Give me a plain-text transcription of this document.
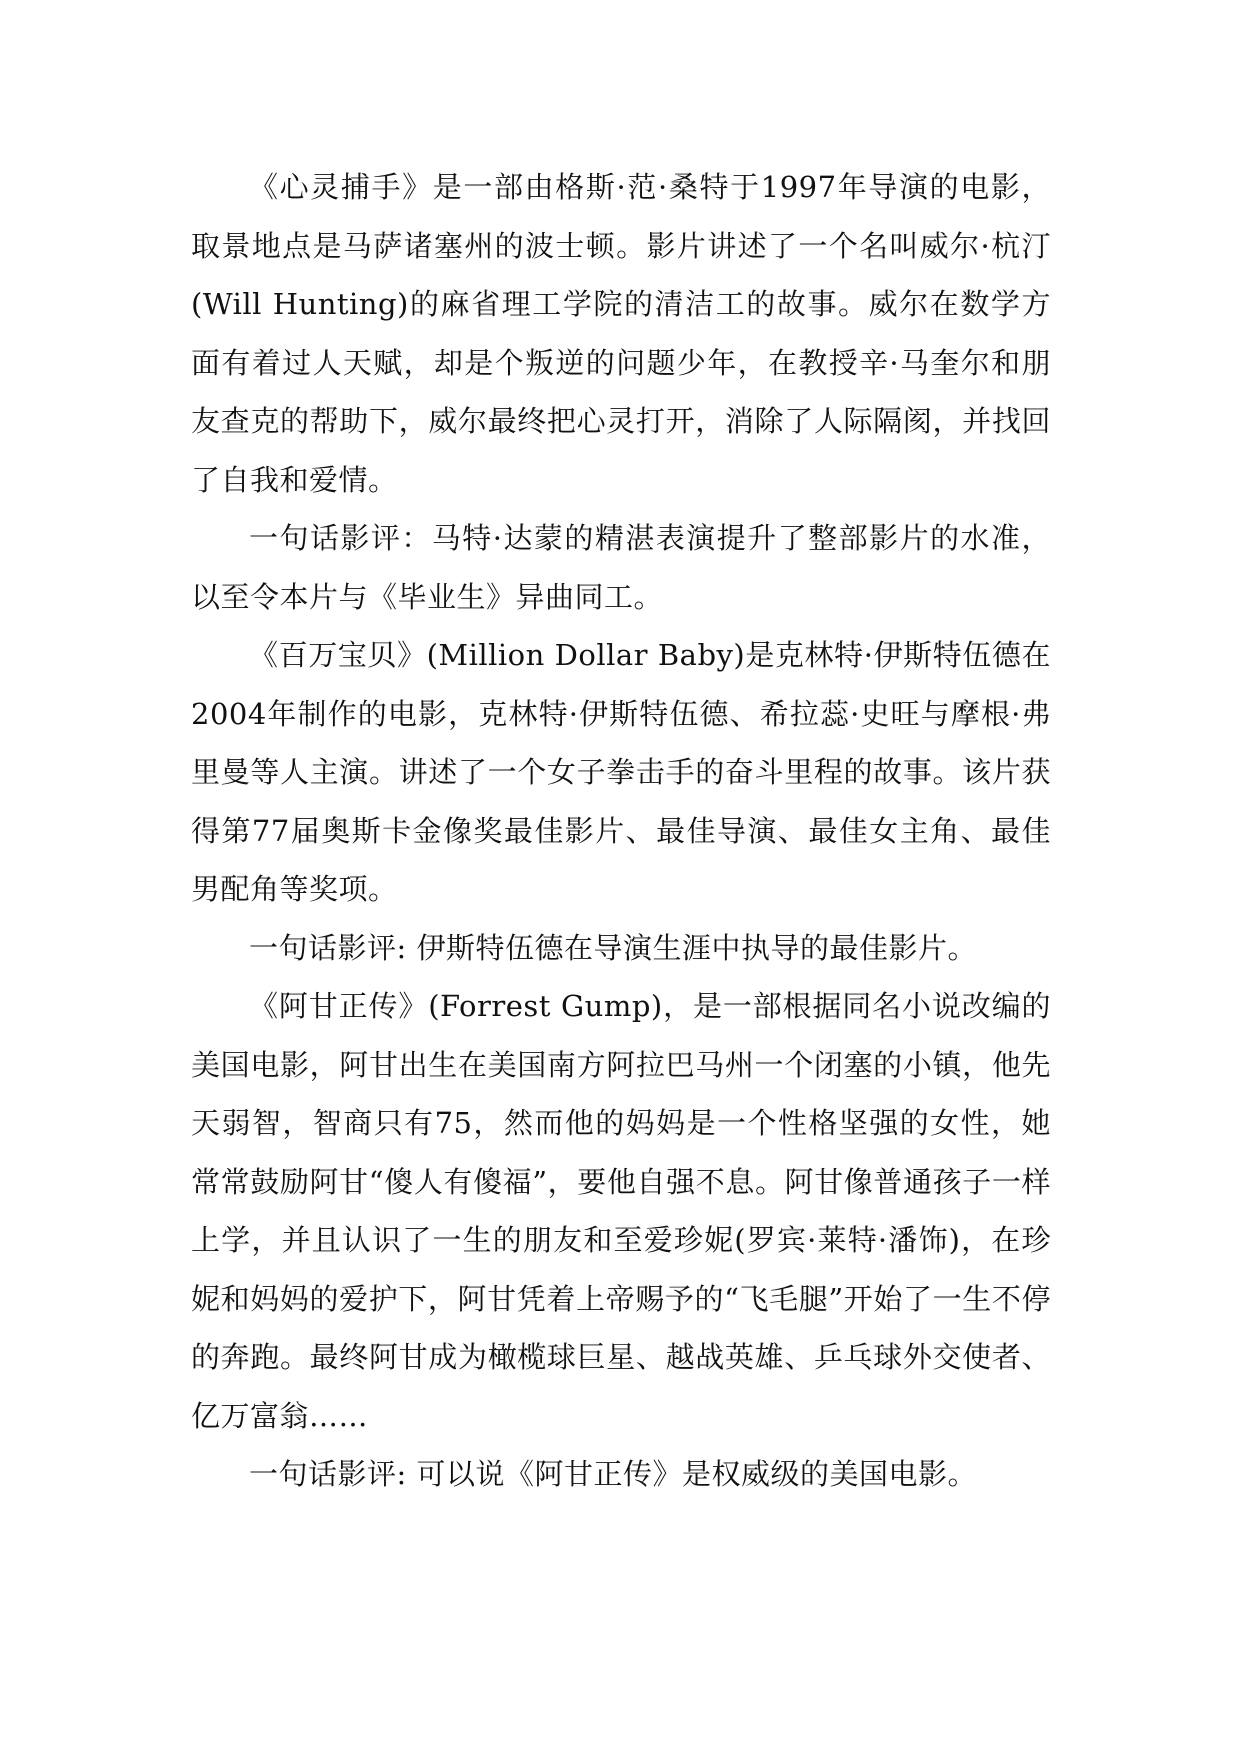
《心灵捕手》是一部由格斯·范·桑特于1997年导演的电影，取景地点是马萨诸塞州的波士顿。影片讲述了一个名叫威尔·杭汀 (Will Hunting)的麻省理工学院的清洁工的故事。威尔在数学方面有着过人天赋，却是个叛逆的问题少年，在教授辛·马奎尔和朋友查克的帮助下，威尔最终把心灵打开，消除了人际隔阂，并找回了自我和爱情。

一句话影评：马特·达蒙的精湛表演提升了整部影片的水准，以至令本片与《毕业生》异曲同工。

《百万宝贝》(Million Dollar Baby)是克林特·伊斯特伍德在2004年制作的电影，克林特·伊斯特伍德、希拉蕊·史旺与摩根·弗里曼等人主演。讲述了一个女子拳击手的奋斗里程的故事。该片获得第77届奥斯卡金像奖最佳影片、最佳导演、最佳女主角、最佳男配角等奖项。

一句话影评: 伊斯特伍德在导演生涯中执导的最佳影片。

《阿甘正传》(Forrest Gump)，是一部根据同名小说改编的美国电影，阿甘出生在美国南方阿拉巴马州一个闭塞的小镇，他先天弱智，智商只有75，然而他的妈妈是一个性格坚强的女性，她常常鼓励阿甘“傻人有傻福”，要他自强不息。阿甘像普通孩子一样上学，并且认识了一生的朋友和至爱珍妮(罗宾·莱特·潘饰)，在珍妮和妈妈的爱护下，阿甘凭着上帝赐予的“飞毛腿”开始了一生不停的奔跑。最终阿甘成为橄榄球巨星、越战英雄、乒乓球外交使者、亿万富翁……

一句话影评: 可以说《阿甘正传》是权威级的美国电影。
